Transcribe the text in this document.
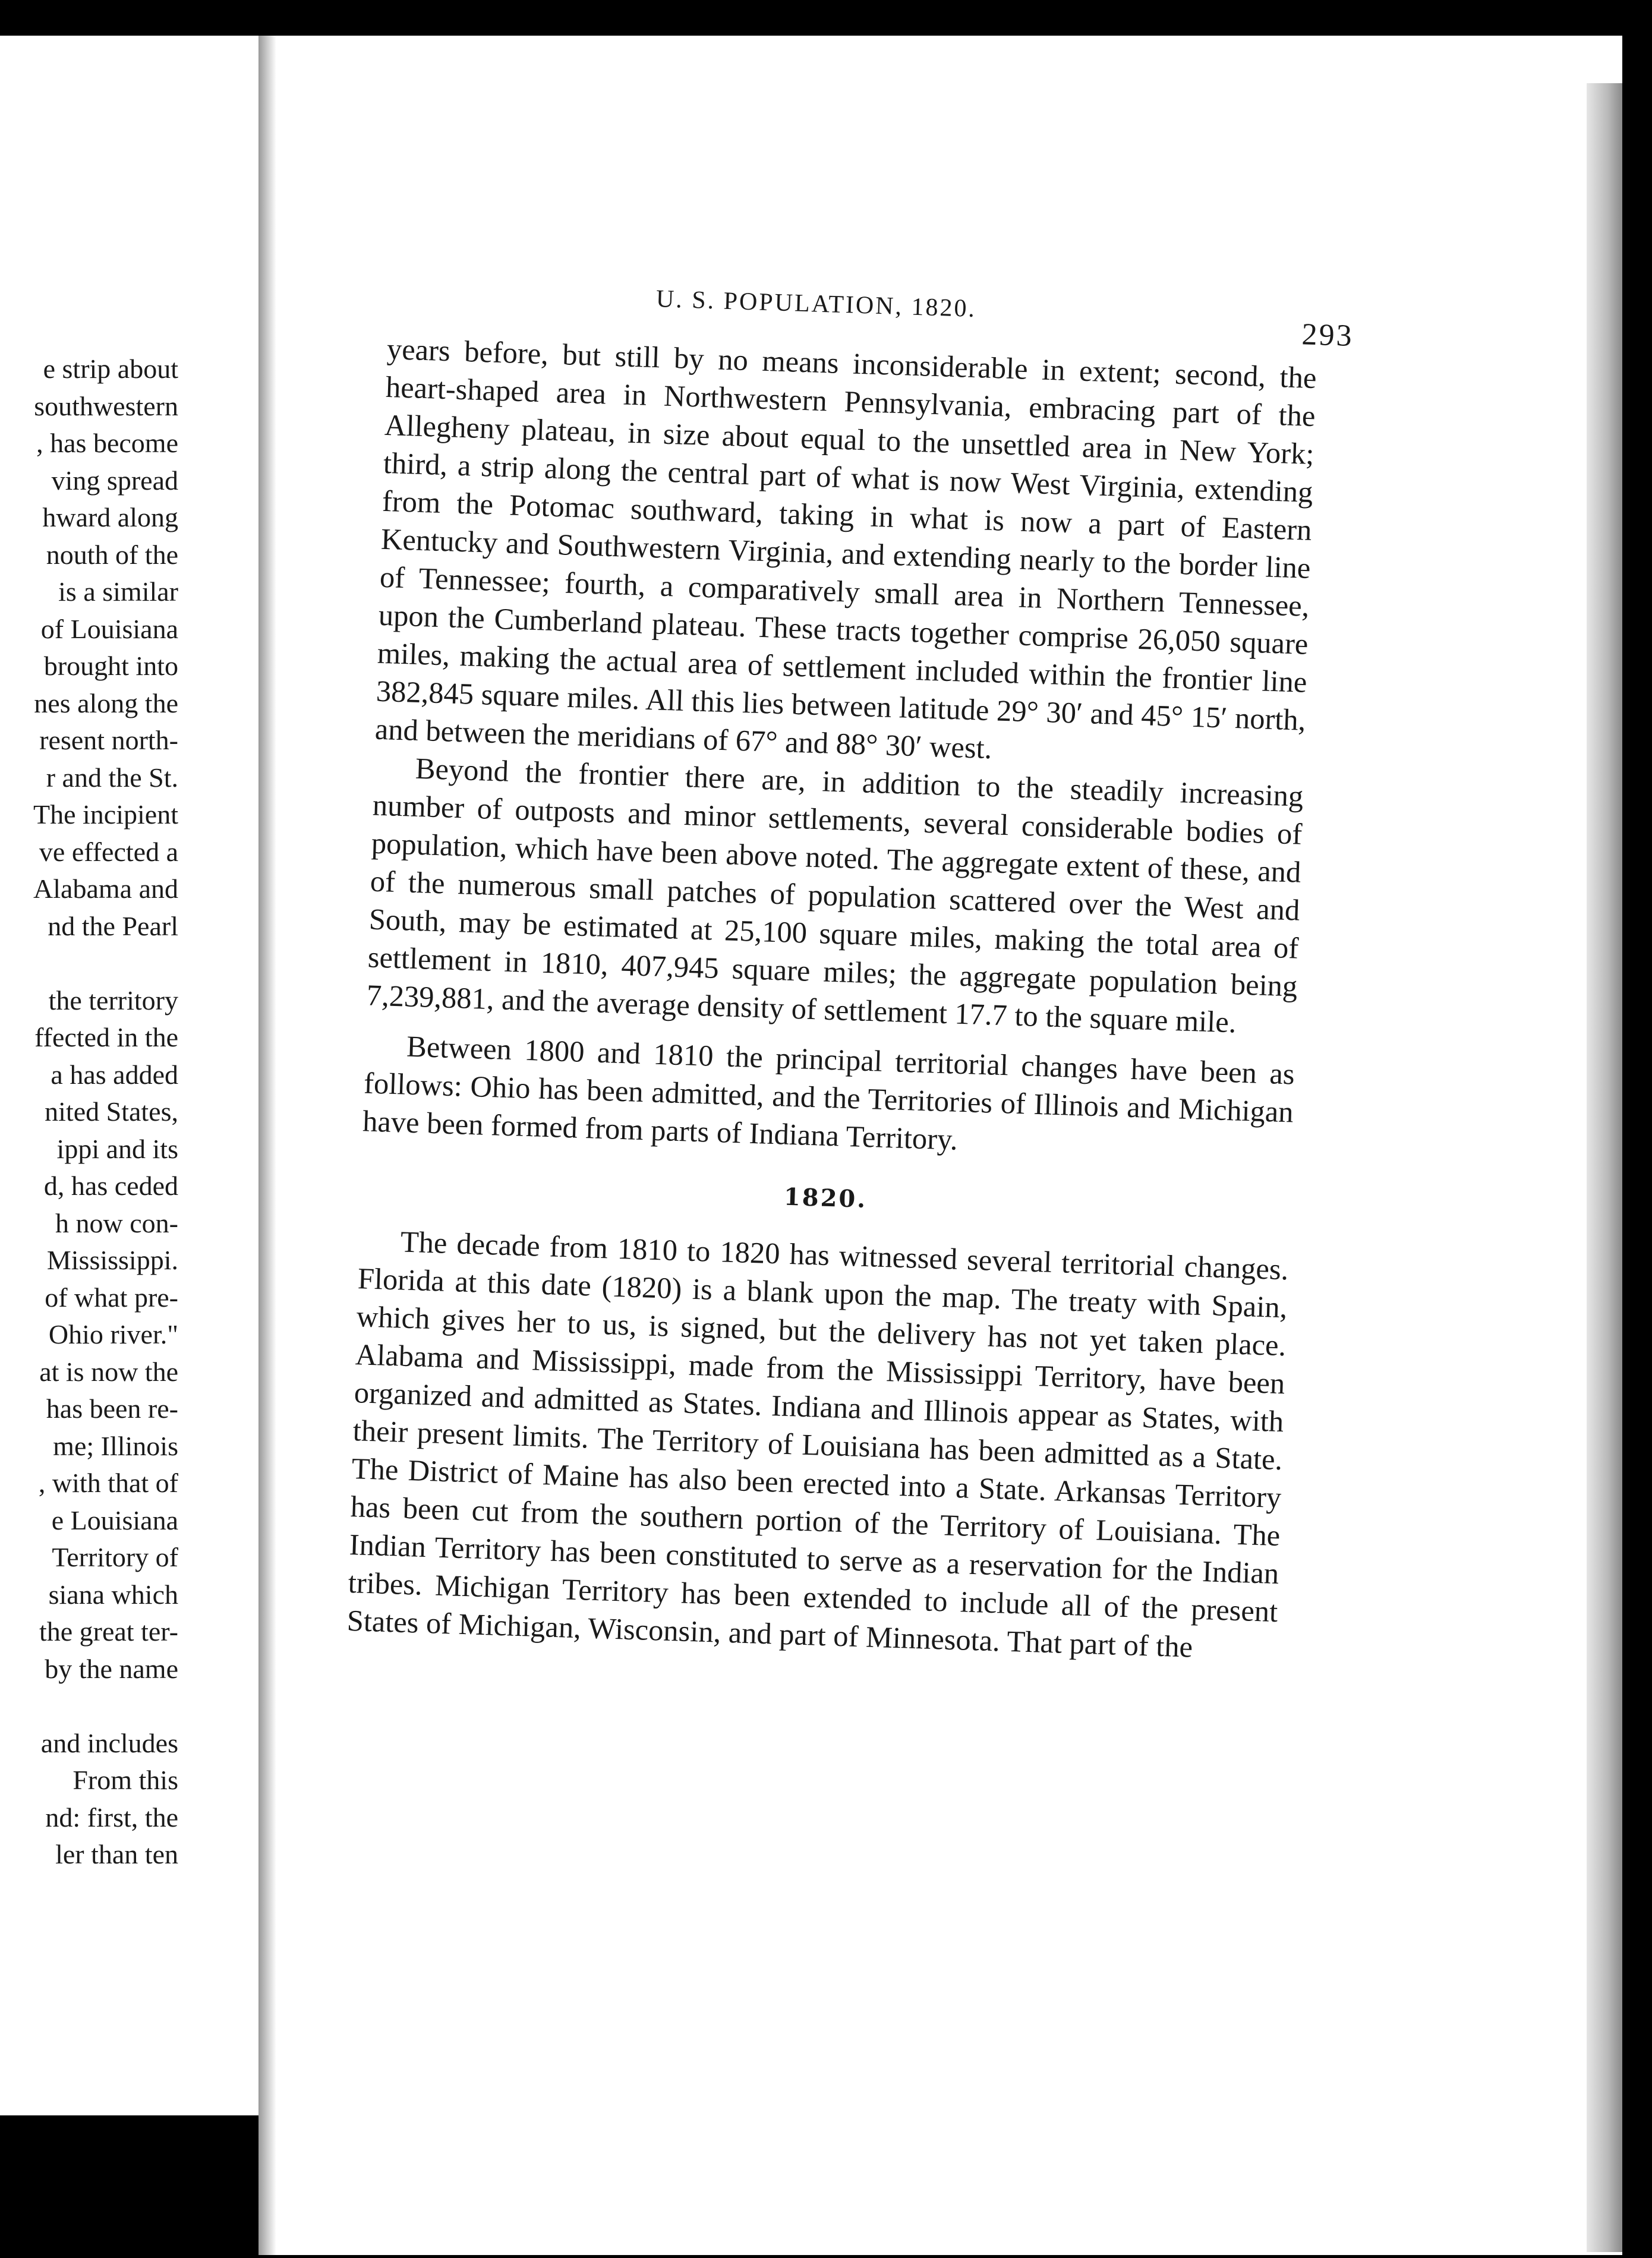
e strip about
southwestern
, has become
ving spread
hward along
nouth of the
is a similar
of Louisiana
brought into
nes along the
resent north-
r and the St.
The incipient
ve effected a
Alabama and
nd the Pearl
the territory
ffected in the
a has added
nited States,
ippi and its
d, has ceded
h now con-
Mississippi.
of what pre-
Ohio river."
at is now the
has been re-
me; Illinois
, with that of
e Louisiana
Territory of
siana which
the great ter-
by the name
and includes
From this
nd: first, the
ler than ten
U. S. POPULATION, 1820.
293

years before, but still by no means inconsiderable in extent; second, the heart-shaped area in Northwestern Pennsylvania, embracing part of the Allegheny plateau, in size about equal to the unsettled area in New York; third, a strip along the central part of what is now West Virginia, extending from the Potomac southward, taking in what is now a part of Eastern Kentucky and Southwestern Virginia, and extending nearly to the border line of Tennessee; fourth, a comparatively small area in Northern Tennessee, upon the Cumberland plateau. These tracts together comprise 26,050 square miles, making the actual area of settlement included within the frontier line 382,845 square miles. All this lies between latitude 29° 30′ and 45° 15′ north, and between the meridians of 67° and 88° 30′ west.

Beyond the frontier there are, in addition to the steadily increasing number of outposts and minor settlements, several considerable bodies of population, which have been above noted. The aggregate extent of these, and of the numerous small patches of population scattered over the West and South, may be estimated at 25,100 square miles, making the total area of settlement in 1810, 407,945 square miles; the aggregate population being 7,239,881, and the average density of settlement 17.7 to the square mile.

Between 1800 and 1810 the principal territorial changes have been as follows: Ohio has been admitted, and the Territories of Illinois and Michigan have been formed from parts of Indiana Territory.

1820.

The decade from 1810 to 1820 has witnessed several territorial changes. Florida at this date (1820) is a blank upon the map. The treaty with Spain, which gives her to us, is signed, but the delivery has not yet taken place. Alabama and Mississippi, made from the Mississippi Territory, have been organized and admitted as States. Indiana and Illinois appear as States, with their present limits. The Territory of Louisiana has been admitted as a State. The District of Maine has also been erected into a State. Arkansas Territory has been cut from the southern portion of the Territory of Louisiana. The Indian Territory has been constituted to serve as a reservation for the Indian tribes. Michigan Territory has been extended to include all of the present States of Michigan, Wisconsin, and part of Minnesota. That part of the
